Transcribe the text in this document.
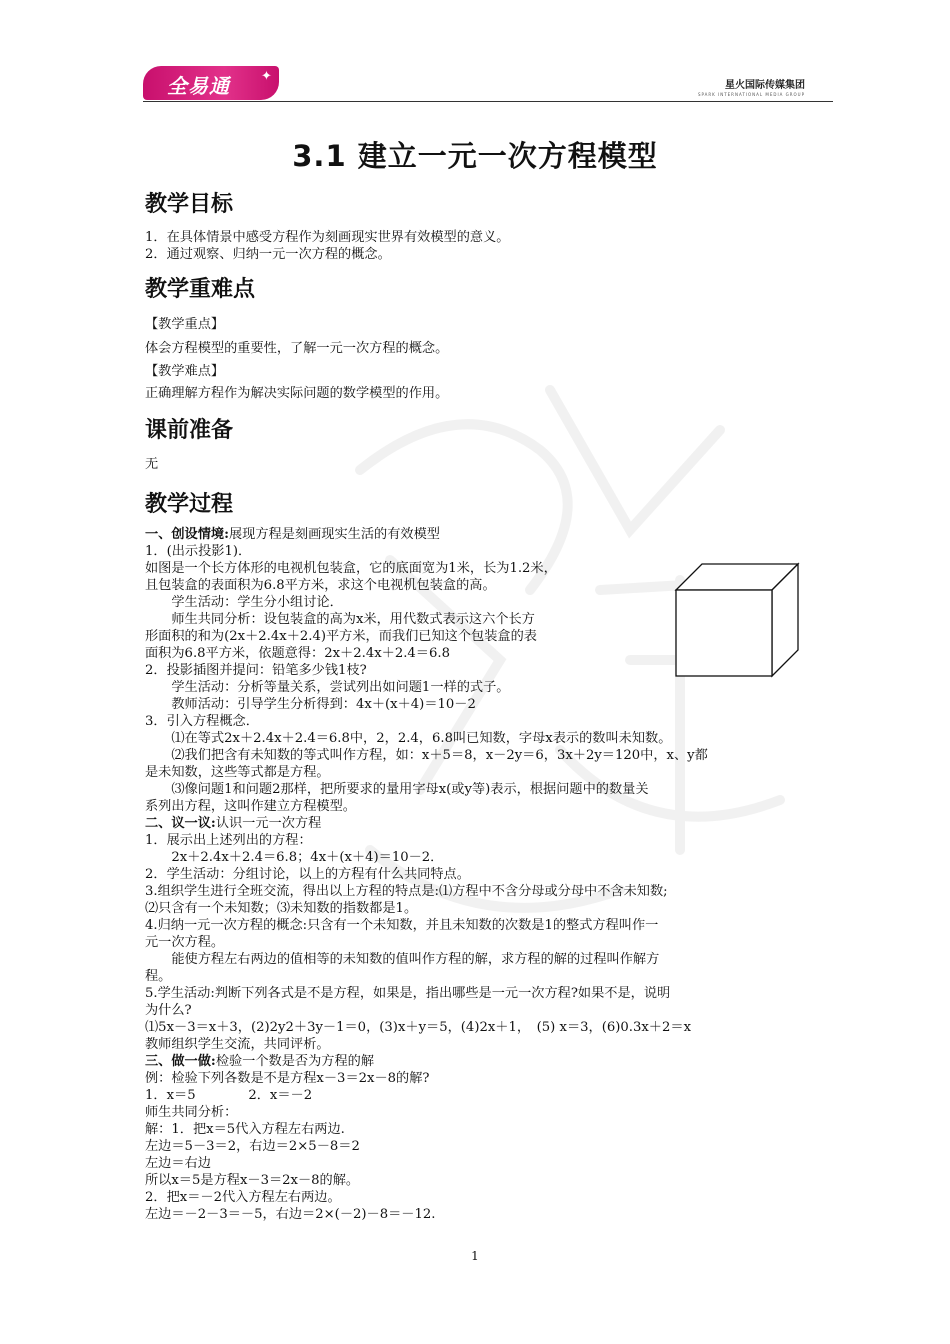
全易通 ✦
星火国际传媒集团
SPARK INTERNATIONAL MEDIA GROUP
3.1 建立一元一次方程模型
教学目标
1．在具体情景中感受方程作为刻画现实世界有效模型的意义。
2．通过观察、归纳一元一次方程的概念。
教学重难点
【教学重点】
体会方程模型的重要性，了解一元一次方程的概念。
【教学难点】
正确理解方程作为解决实际问题的数学模型的作用。
课前准备
无
教学过程
一、创设情境:展现方程是刻画现实生活的有效模型
1．(出示投影1)．
如图是一个长方体形的电视机包装盒，它的底面宽为1米，长为1.2米，
且包装盒的表面积为6.8平方米，求这个电视机包装盒的高。
　　学生活动：学生分小组讨论．
　　师生共同分析：设包装盒的高为x米，用代数式表示这六个长方
形面积的和为(2x＋2.4x＋2.4)平方米，而我们已知这个包装盒的表
面积为6.8平方米，依题意得：2x＋2.4x＋2.4＝6.8
2．投影插图并提问：铅笔多少钱1枝?
　　学生活动：分析等量关系，尝试列出如问题1一样的式子。
　　教师活动：引导学生分析得到：4x＋(x＋4)＝10－2
3．引入方程概念．
　　⑴在等式2x＋2.4x＋2.4＝6.8中，2，2.4，6.8叫已知数，字母x表示的数叫未知数。
　　⑵我们把含有未知数的等式叫作方程，如：x＋5＝8，x－2y＝6，3x＋2y＝120中，x、y都
是未知数，这些等式都是方程。
　　⑶像问题1和问题2那样，把所要求的量用字母x(或y等)表示，根据问题中的数量关
系列出方程，这叫作建立方程模型。
二、议一议:认识一元一次方程
1．展示出上述列出的方程：
　　2x＋2.4x＋2.4＝6.8；4x＋(x＋4)＝10－2．
2．学生活动：分组讨论，以上的方程有什么共同特点。
3.组织学生进行全班交流，得出以上方程的特点是:⑴方程中不含分母或分母中不含未知数;
⑵只含有一个未知数；⑶未知数的指数都是1。
4.归纳一元一次方程的概念:只含有一个未知数，并且未知数的次数是1的整式方程叫作一
元一次方程。
　　能使方程左右两边的值相等的未知数的值叫作方程的解，求方程的解的过程叫作解方
程。
5.学生活动:判断下列各式是不是方程，如果是，指出哪些是一元一次方程?如果不是，说明
为什么?
⑴5x－3＝x＋3，(2)2y2＋3y－1＝0，(3)x＋y＝5，(4)2x＋1，　(5) x＝3，(6)0.3x＋2＝x
教师组织学生交流，共同评析。
三、做一做:检验一个数是否为方程的解
例：检验下列各数是不是方程x－3＝2x－8的解?
1．x＝5　　　　2．x＝－2
师生共同分析：
解：1．把x＝5代入方程左右两边.
左边＝5－3＝2，右边＝2×5－8＝2
左边＝右边
所以x＝5是方程x－3＝2x－8的解。
2．把x＝－2代入方程左右两边。
左边＝－2－3＝－5，右边＝2×(－2)－8＝－12.
1
